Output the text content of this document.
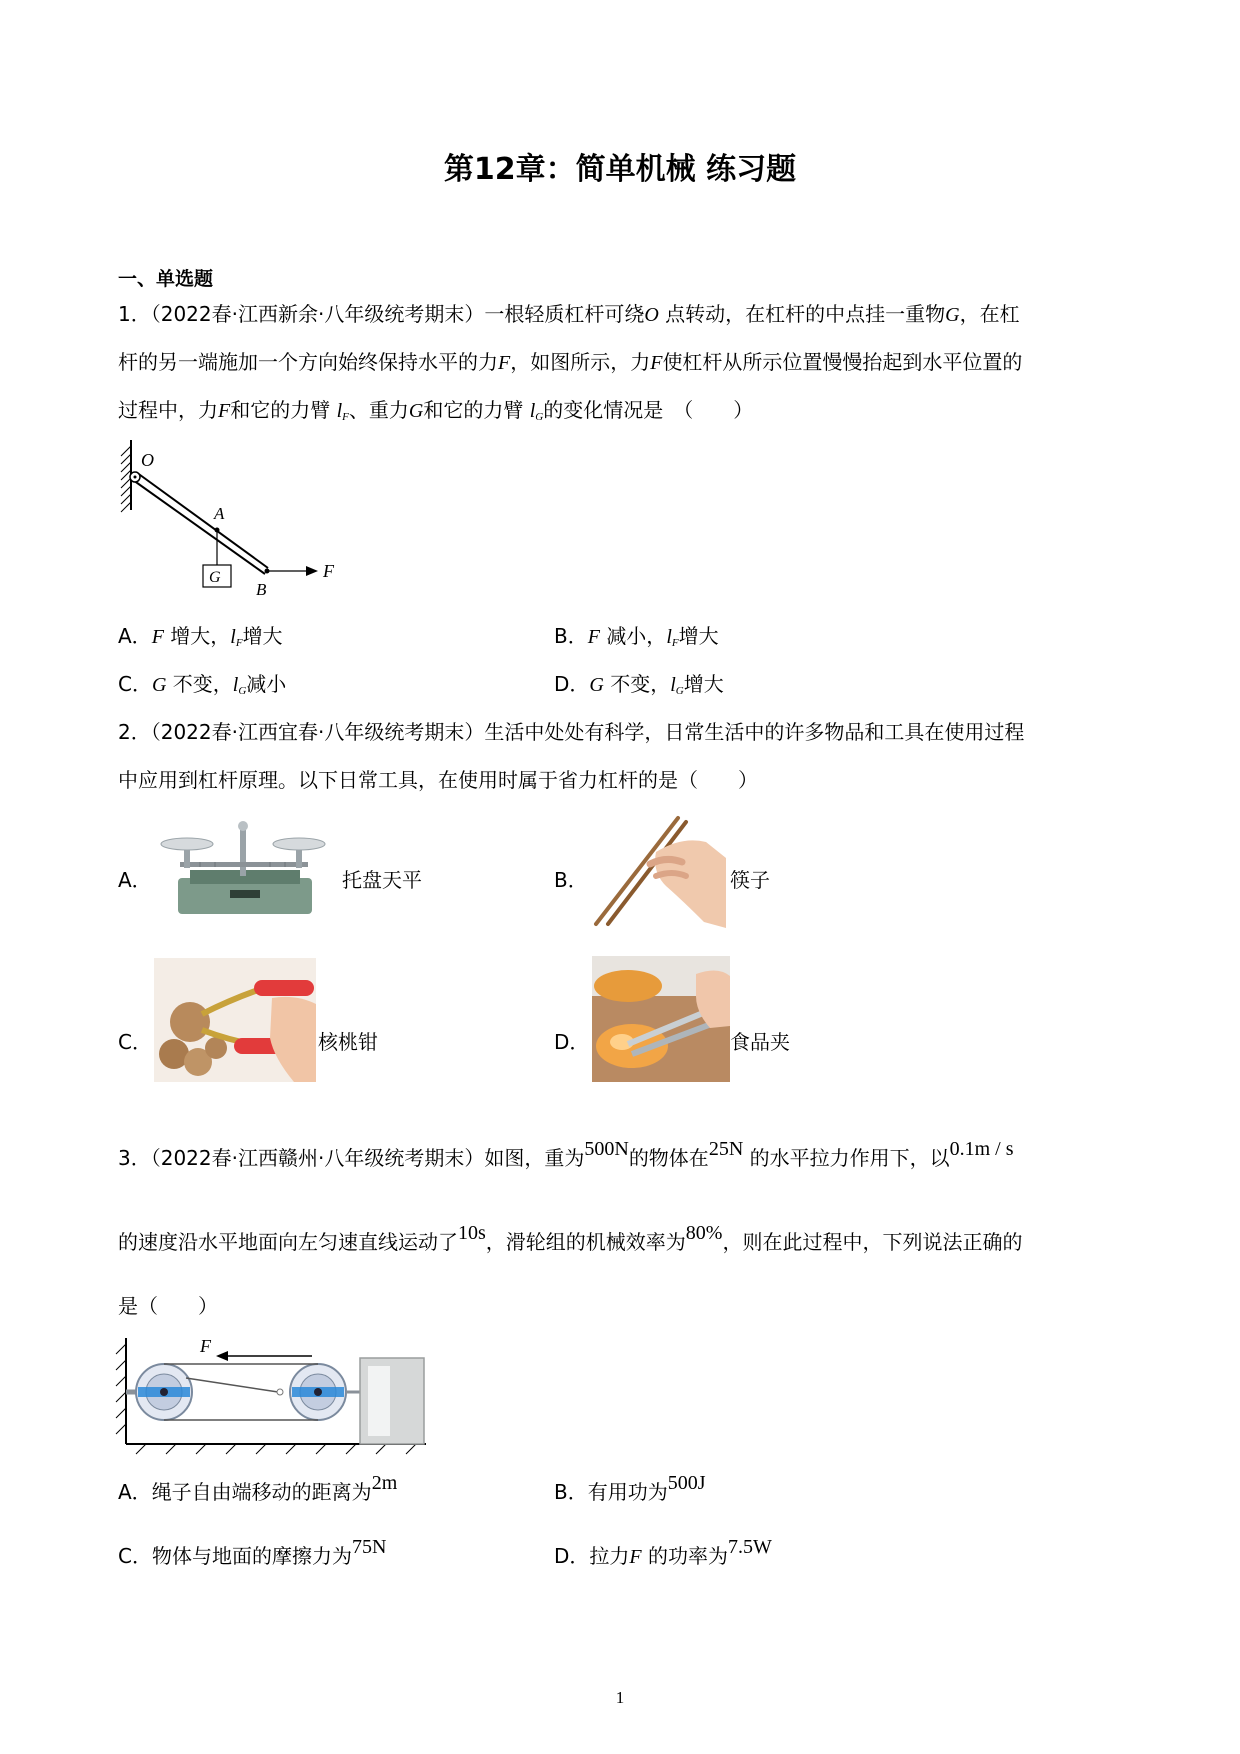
第12章：简单机械 练习题
一、单选题
1．（2022春·江西新余·八年级统考期末）一根轻质杠杆可绕O 点转动，在杠杆的中点挂一重物G，在杠
杆的另一端施加一个方向始终保持水平的力F，如图所示，力F使杠杆从所示位置慢慢抬起到水平位置的
过程中，力F和它的力臂 lF、重力G和它的力臂 lG的变化情况是　（　　）
O
A
G
B
F
A．F 增大，lF增大	B．F 减小，lF增大
C．G 不变，lG减小	D．G 不变，lG增大
2．（2022春·江西宜春·八年级统考期末）生活中处处有科学，日常生活中的许多物品和工具在使用过程
中应用到杠杆原理。以下日常工具，在使用时属于省力杠杆的是（　　）
A．	托盘天平	B．	筷子
C．	核桃钳	D．	食品夹
3．（2022春·江西赣州·八年级统考期末）如图，重为500N的物体在25N 的水平拉力作用下，以0.1m / s
的速度沿水平地面向左匀速直线运动了10s，滑轮组的机械效率为80%，则在此过程中，下列说法正确的
是（　　）
F
A．绳子自由端移动的距离为2m	B．有用功为500J
C．物体与地面的摩擦力为75N	D．拉力F 的功率为7.5W
1
